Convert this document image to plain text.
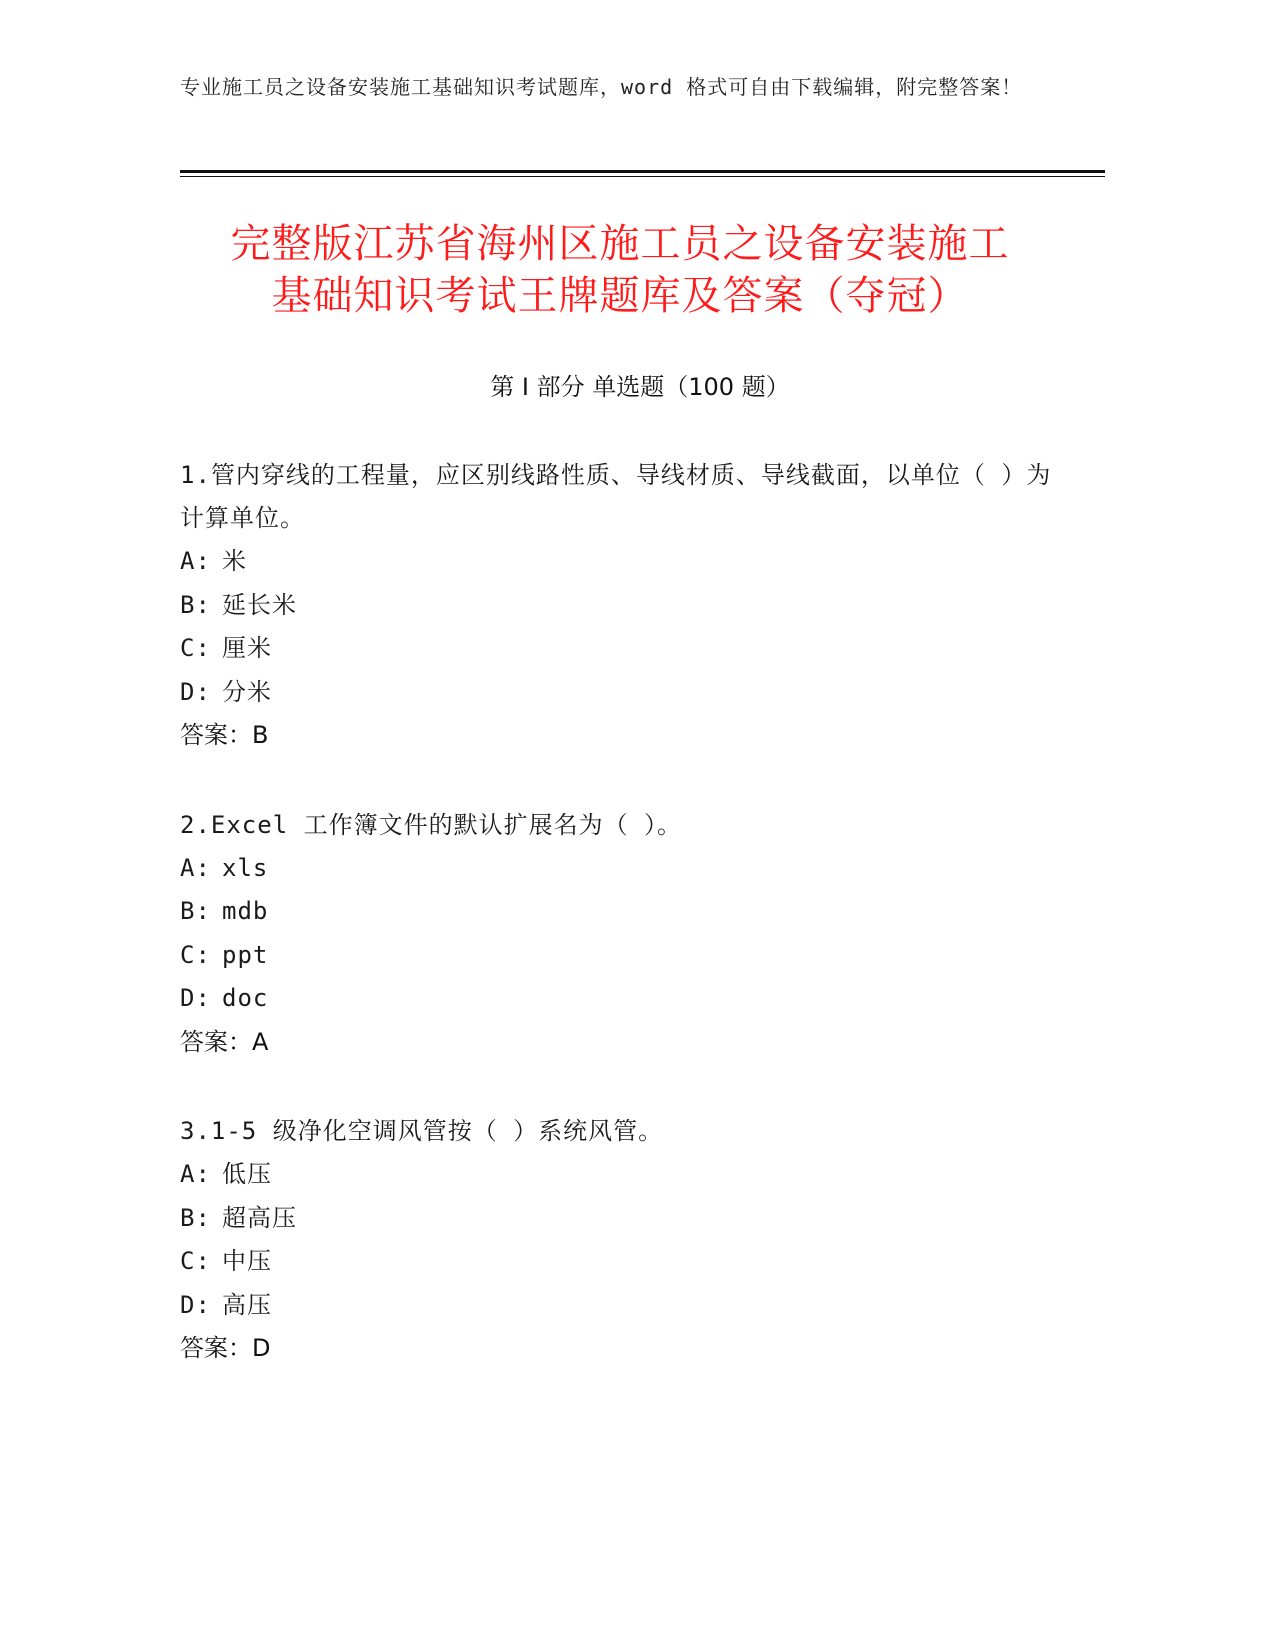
专业施工员之设备安装施工基础知识考试题库，word 格式可自由下载编辑，附完整答案！
完整版江苏省海州区施工员之设备安装施工
基础知识考试王牌题库及答案（夺冠）
第 I 部分 单选题（100 题）

1.管内穿线的工程量，应区别线路性质、导线材质、导线截面，以单位（ ）为计算单位。

A: 米

B: 延长米

C: 厘米

D: 分米

答案：B

2.Excel 工作簿文件的默认扩展名为（ ）。

A: xls

B: mdb

C: ppt

D: doc

答案：A

3.1-5 级净化空调风管按（ ）系统风管。

A: 低压

B: 超高压

C: 中压

D: 高压

答案：D
